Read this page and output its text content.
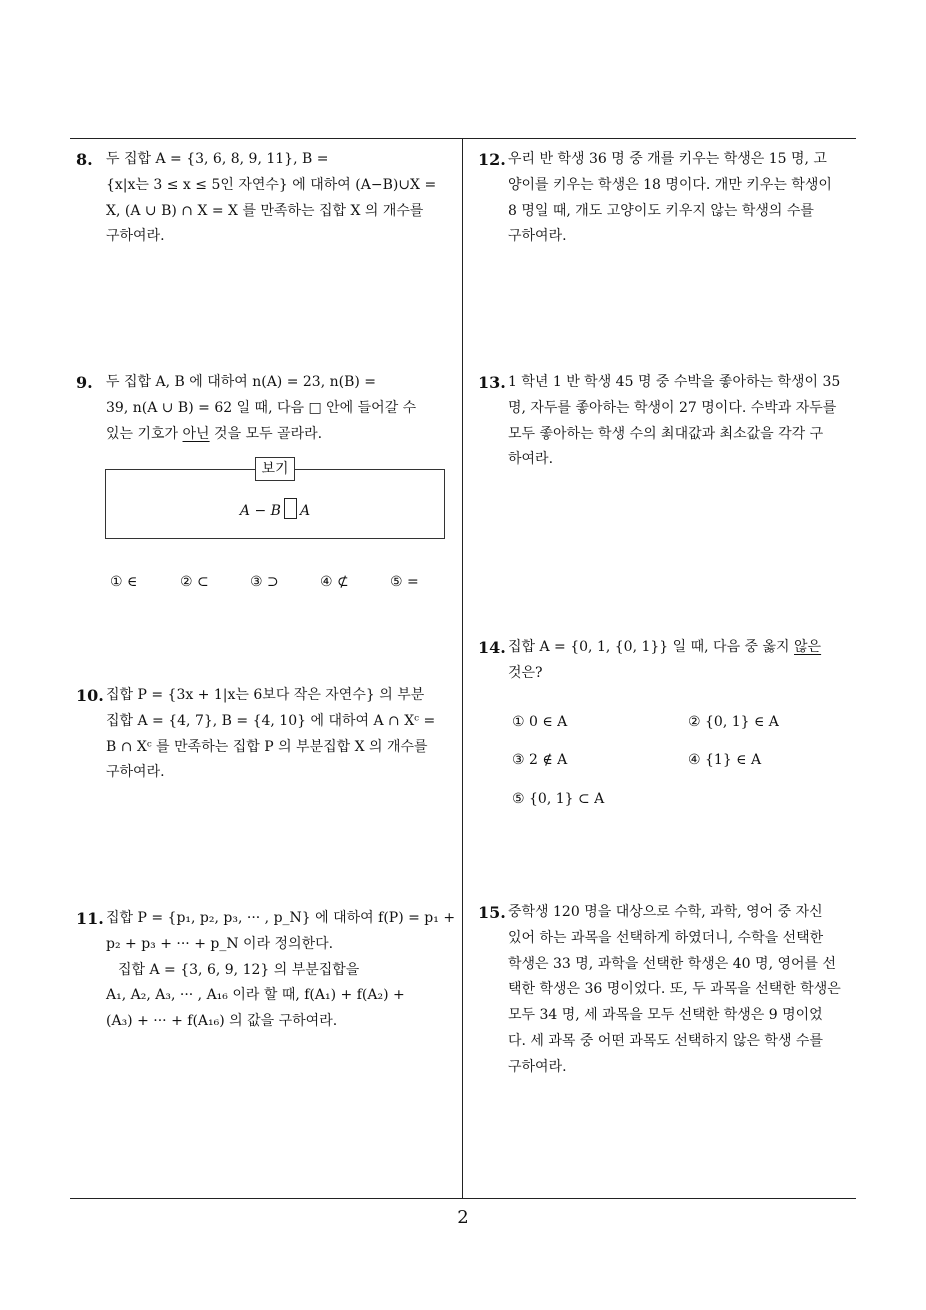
8. 두 집합 A = {3, 6, 8, 9, 11}, B =

{x|x는 3 ≤ x ≤ 5인 자연수} 에 대하여 (A−B)∪X =

X, (A ∪ B) ∩ X = X 를 만족하는 집합 X 의 개수를

구하여라.

9. 두 집합 A, B 에 대하여 n(A) = 23, n(B) =

39, n(A ∪ B) = 62 일 때, 다음 □ 안에 들어갈 수

있는 기호가 아닌 것을 모두 골라라.

보기
A − B A
① ∈	② ⊂	③ ⊃	④ ⊄	⑤ =
10. 집합 P = {3x + 1|x는 6보다 작은 자연수} 의 부분

집합 A = {4, 7}, B = {4, 10} 에 대하여 A ∩ Xᶜ =

B ∩ Xᶜ 를 만족하는 집합 P 의 부분집합 X 의 개수를

구하여라.

11. 집합 P = {p₁, p₂, p₃, ··· , p_N} 에 대하여 f(P) = p₁ +

p₂ + p₃ + ··· + p_N 이라 정의한다.

집합 A = {3, 6, 9, 12} 의 부분집합을

A₁, A₂, A₃, ··· , A₁₆ 이라 할 때, f(A₁) + f(A₂) +

(A₃) + ··· + f(A₁₆) 의 값을 구하여라.

12. 우리 반 학생 36 명 중 개를 키우는 학생은 15 명, 고

양이를 키우는 학생은 18 명이다. 개만 키우는 학생이

8 명일 때, 개도 고양이도 키우지 않는 학생의 수를

구하여라.

13. 1 학년 1 반 학생 45 명 중 수박을 좋아하는 학생이 35

명, 자두를 좋아하는 학생이 27 명이다. 수박과 자두를

모두 좋아하는 학생 수의 최대값과 최소값을 각각 구

하여라.

14. 집합 A = {0, 1, {0, 1}} 일 때, 다음 중 옳지 않은

것은?

① 0 ∈ A	② {0, 1} ∈ A
③ 2 ∉ A	④ {1} ∈ A
⑤ {0, 1} ⊂ A
15. 중학생 120 명을 대상으로 수학, 과학, 영어 중 자신

있어 하는 과목을 선택하게 하였더니, 수학을 선택한

학생은 33 명, 과학을 선택한 학생은 40 명, 영어를 선

택한 학생은 36 명이었다. 또, 두 과목을 선택한 학생은

모두 34 명, 세 과목을 모두 선택한 학생은 9 명이었

다. 세 과목 중 어떤 과목도 선택하지 않은 학생 수를

구하여라.

2
